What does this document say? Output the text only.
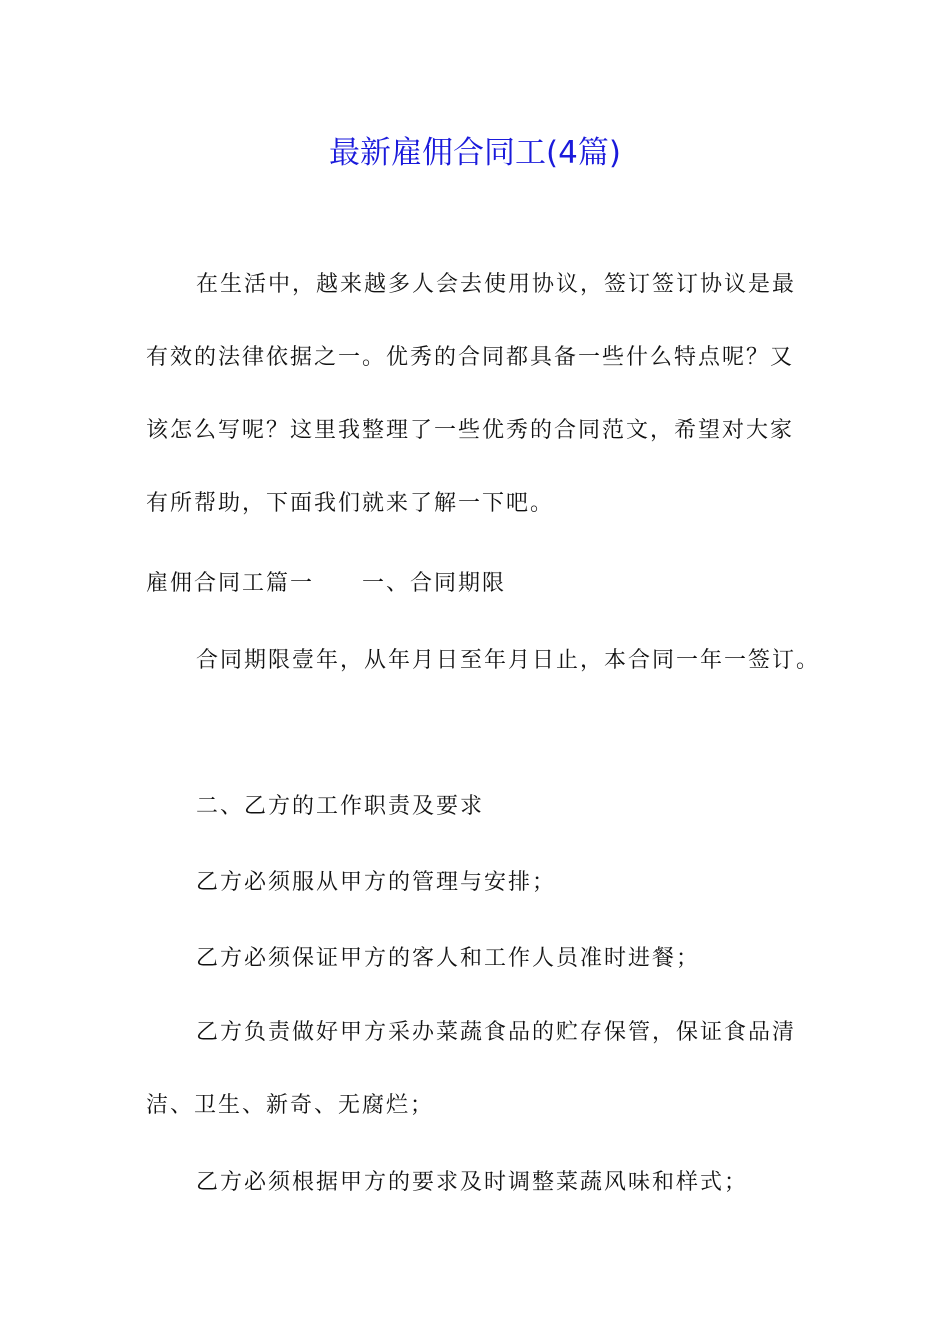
最新雇佣合同工(4篇)

在生活中，越来越多人会去使用协议，签订签订协议是最有效的法律依据之一。优秀的合同都具备一些什么特点呢？又该怎么写呢？这里我整理了一些优秀的合同范文，希望对大家有所帮助，下面我们就来了解一下吧。

雇佣合同工篇一 一、合同期限

合同期限壹年，从年月日至年月日止，本合同一年一签订。

二、乙方的工作职责及要求

乙方必须服从甲方的管理与安排；

乙方必须保证甲方的客人和工作人员准时进餐；

乙方负责做好甲方采办菜蔬食品的贮存保管，保证食品清洁、卫生、新奇、无腐烂；

乙方必须根据甲方的要求及时调整菜蔬风味和样式；
